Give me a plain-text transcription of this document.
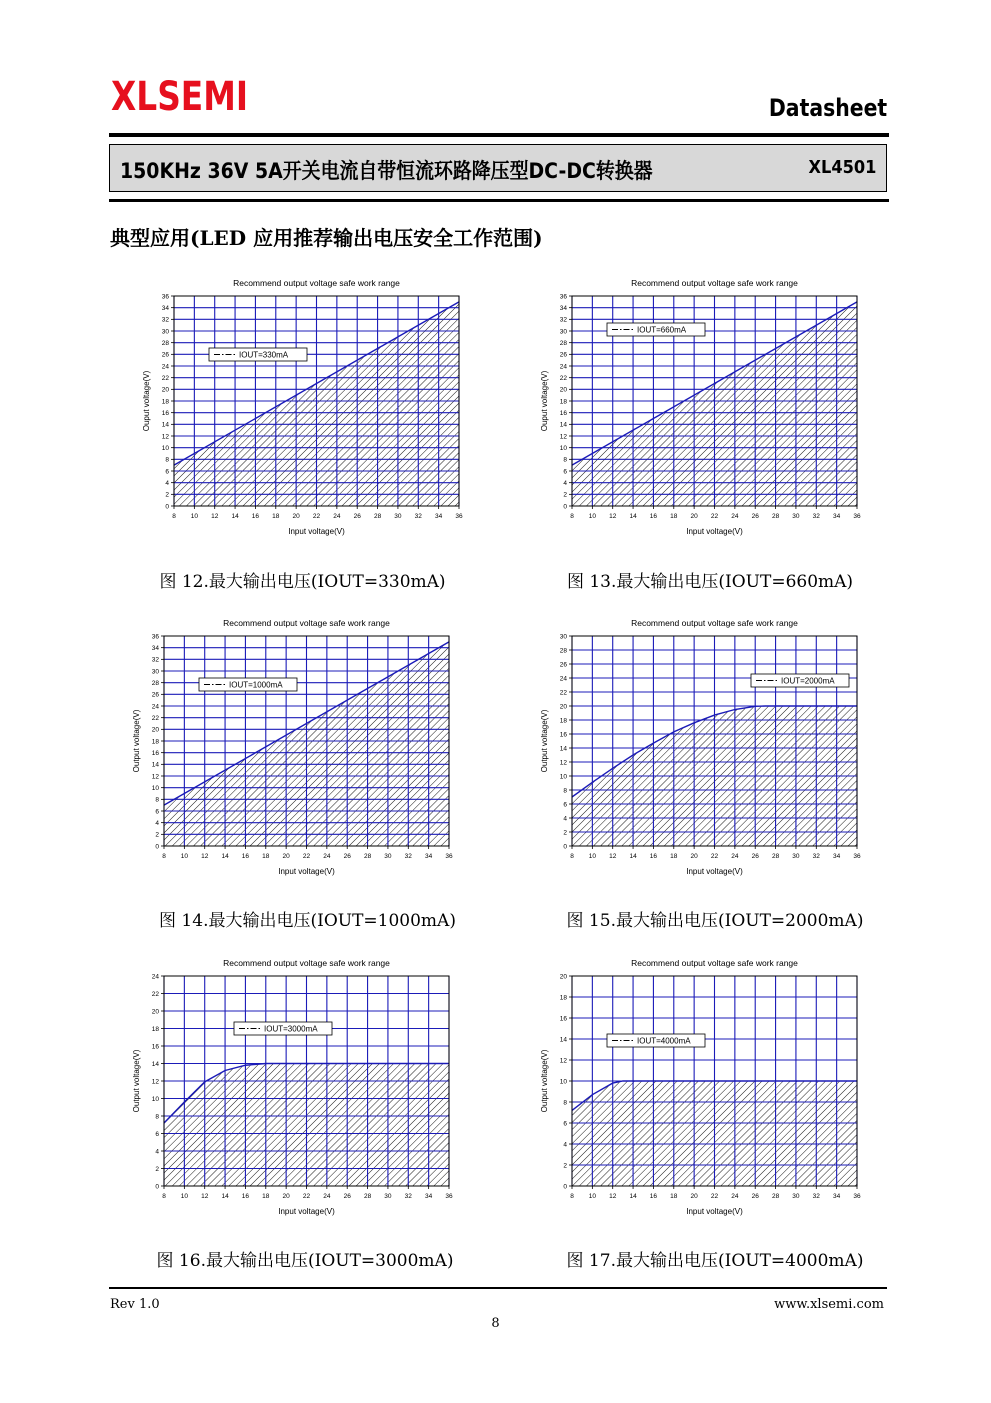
XLSEMI	Datasheet
150KHz 36V 5A开关电流自带恒流环路降压型DC-DC转换器	XL4501
典型应用(LED 应用推荐输出电压安全工作范围)
Recommend output voltage safe work range
8 10 12 14 16 18 20 22 24 26 28 30 32 34 36
0
2
4
6
8
10
12
14
16
18
20
22
24
26
28
30
32
34
36
IOUT=330mA
Input voltage(V)
Ouput voltage(V)
图 12.最大输出电压(IOUT=330mA)
Recommend output voltage safe work range
8 10 12 14 16 18 20 22 24 26 28 30 32 34 36
0
2
4
6
8
10
12
14
16
18
20
22
24
26
28
30
32
34
36
IOUT=660mA
Input voltage(V)
Ouput voltage(V)
图 13.最大输出电压(IOUT=660mA)
Recommend output voltage safe work range
8 10 12 14 16 18 20 22 24 26 28 30 32 34 36
0
2
4
6
8
10
12
14
16
18
20
22
24
26
28
30
32
34
36
IOUT=1000mA
Input voltage(V)
Output voltage(V)
图 14.最大输出电压(IOUT=1000mA)
Recommend output voltage safe work range
8 10 12 14 16 18 20 22 24 26 28 30 32 34 36
0
2
4
6
8
10
12
14
16
18
20
22
24
26
28
30
IOUT=2000mA
Input voltage(V)
Output voltage(V)
图 15.最大输出电压(IOUT=2000mA)
Recommend output voltage safe work range
8 10 12 14 16 18 20 22 24 26 28 30 32 34 36
0
2
4
6
8
10
12
14
16
18
20
22
24
IOUT=3000mA
Input voltage(V)
Output voltage(V)
图 16.最大输出电压(IOUT=3000mA)
Recommend output voltage safe work range
8 10 12 14 16 18 20 22 24 26 28 30 32 34 36
0
2
4
6
8
10
12
14
16
18
20
IOUT=4000mA
Input voltage(V)
Output voltage(V)
图 17.最大输出电压(IOUT=4000mA)
Rev 1.0	www.xlsemi.com
8
